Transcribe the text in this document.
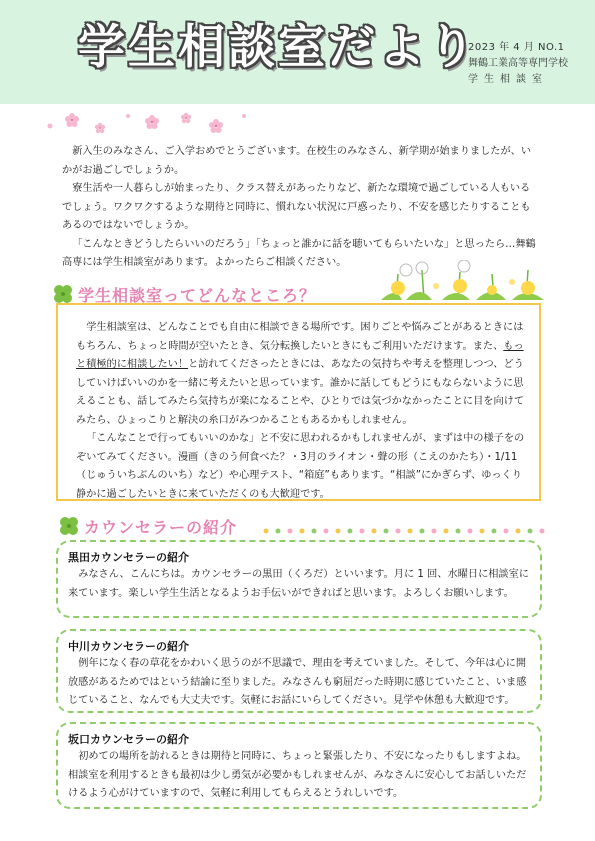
学生相談室だより
2023 年 4 月 NO.1
舞鶴工業高等専門学校
学生相談室

新入生のみなさん、ご入学おめでとうございます。在校生のみなさん、新学期が始まりましたが、いかがお過ごしでしょうか。

寮生活や一人暮らしが始まったり、クラス替えがあったりなど、新たな環境で過ごしている人もいるでしょう。ワクワクするような期待と同時に、慣れない状況に戸惑ったり、不安を感じたりすることもあるのではないでしょうか。

「こんなときどうしたらいいのだろう」「ちょっと誰かに話を聴いてもらいたいな」と思ったら…舞鶴高専には学生相談室があります。よかったらご相談ください。

学生相談室ってどんなところ？

学生相談室は、どんなことでも自由に相談できる場所です。困りごとや悩みごとがあるときにはもちろん、ちょっと時間が空いたとき、気分転換したいときにもご利用いただけます。また、もっと積極的に相談したい！と訪れてくださったときには、あなたの気持ちや考えを整理しつつ、どうしていけばいいのかを一緒に考えたいと思っています。誰かに話してもどうにもならないように思えることも、話してみたら気持ちが楽になることや、ひとりでは気づかなかったことに目を向けてみたら、ひょっこりと解決の糸口がみつかることもあるかもしれません。

「こんなことで行ってもいいのかな」と不安に思われるかもしれませんが、まずは中の様子をのぞいてみてください。漫画（きのう何食べた？・3月のライオン・聲の形（こえのかたち）・1/11（じゅういちぶんのいち）など）や心理テスト、“箱庭”もあります。“相談”にかぎらず、ゆっくり静かに過ごしたいときに来ていただくのも大歓迎です。

カウンセラーの紹介
黒田カウンセラーの紹介

みなさん、こんにちは。カウンセラーの黒田（くろだ）といいます。月に 1 回、水曜日に相談室に来ています。楽しい学生生活となるようお手伝いができればと思います。よろしくお願いします。

中川カウンセラーの紹介

例年になく春の草花をかわいく思うのが不思議で、理由を考えていました。そして、今年は心に開放感があるためではという結論に至りました。みなさんも窮屈だった時期に感じていたこと、いま感じていること、なんでも大丈夫です。気軽にお話にいらしてください。見学や休憩も大歓迎です。

坂口カウンセラーの紹介

初めての場所を訪れるときは期待と同時に、ちょっと緊張したり、不安になったりもしますよね。相談室を利用するときも最初は少し勇気が必要かもしれませんが、みなさんに安心してお話しいただけるよう心がけていますので、気軽に利用してもらえるとうれしいです。
